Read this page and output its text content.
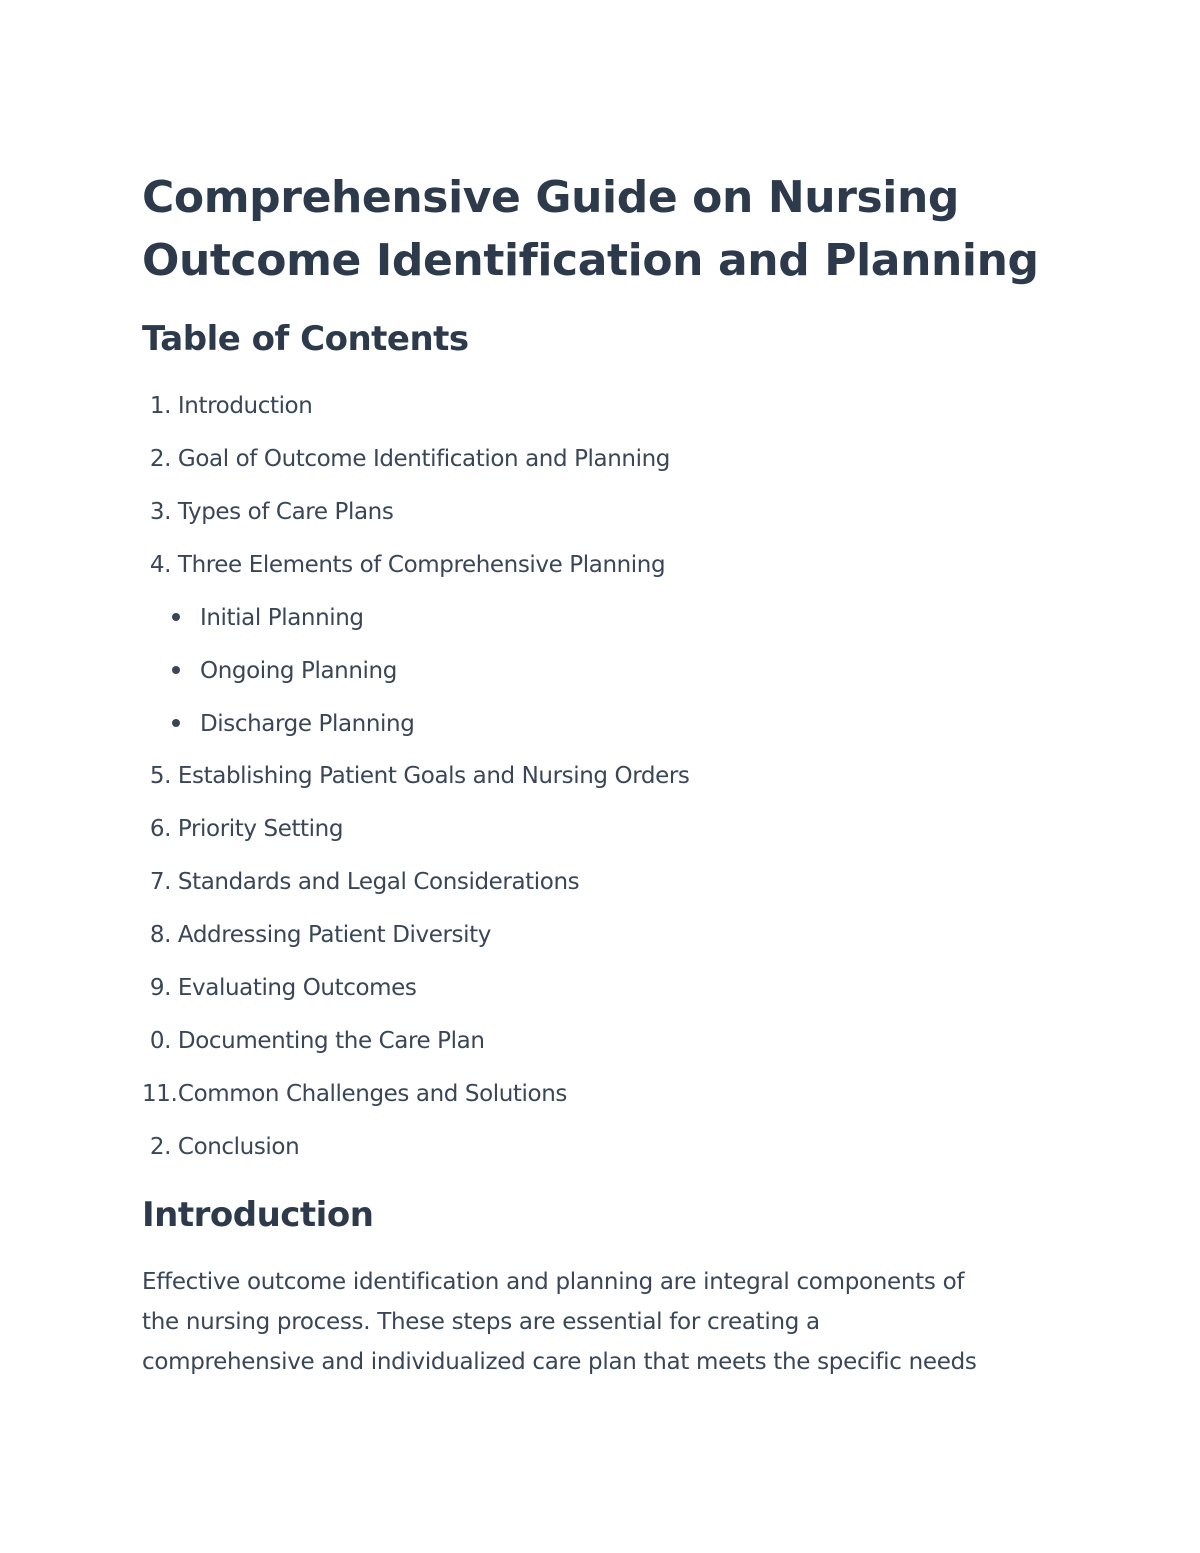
Comprehensive Guide on Nursing
Outcome Identification and Planning
Table of Contents
1. Introduction
2. Goal of Outcome Identification and Planning
3. Types of Care Plans
4. Three Elements of Comprehensive Planning
Initial Planning
Ongoing Planning
Discharge Planning
5. Establishing Patient Goals and Nursing Orders
6. Priority Setting
7. Standards and Legal Considerations
8. Addressing Patient Diversity
9. Evaluating Outcomes
0. Documenting the Care Plan
11. Common Challenges and Solutions
2. Conclusion
Introduction
Effective outcome identification and planning are integral components of
the nursing process. These steps are essential for creating a
comprehensive and individualized care plan that meets the specific needs
